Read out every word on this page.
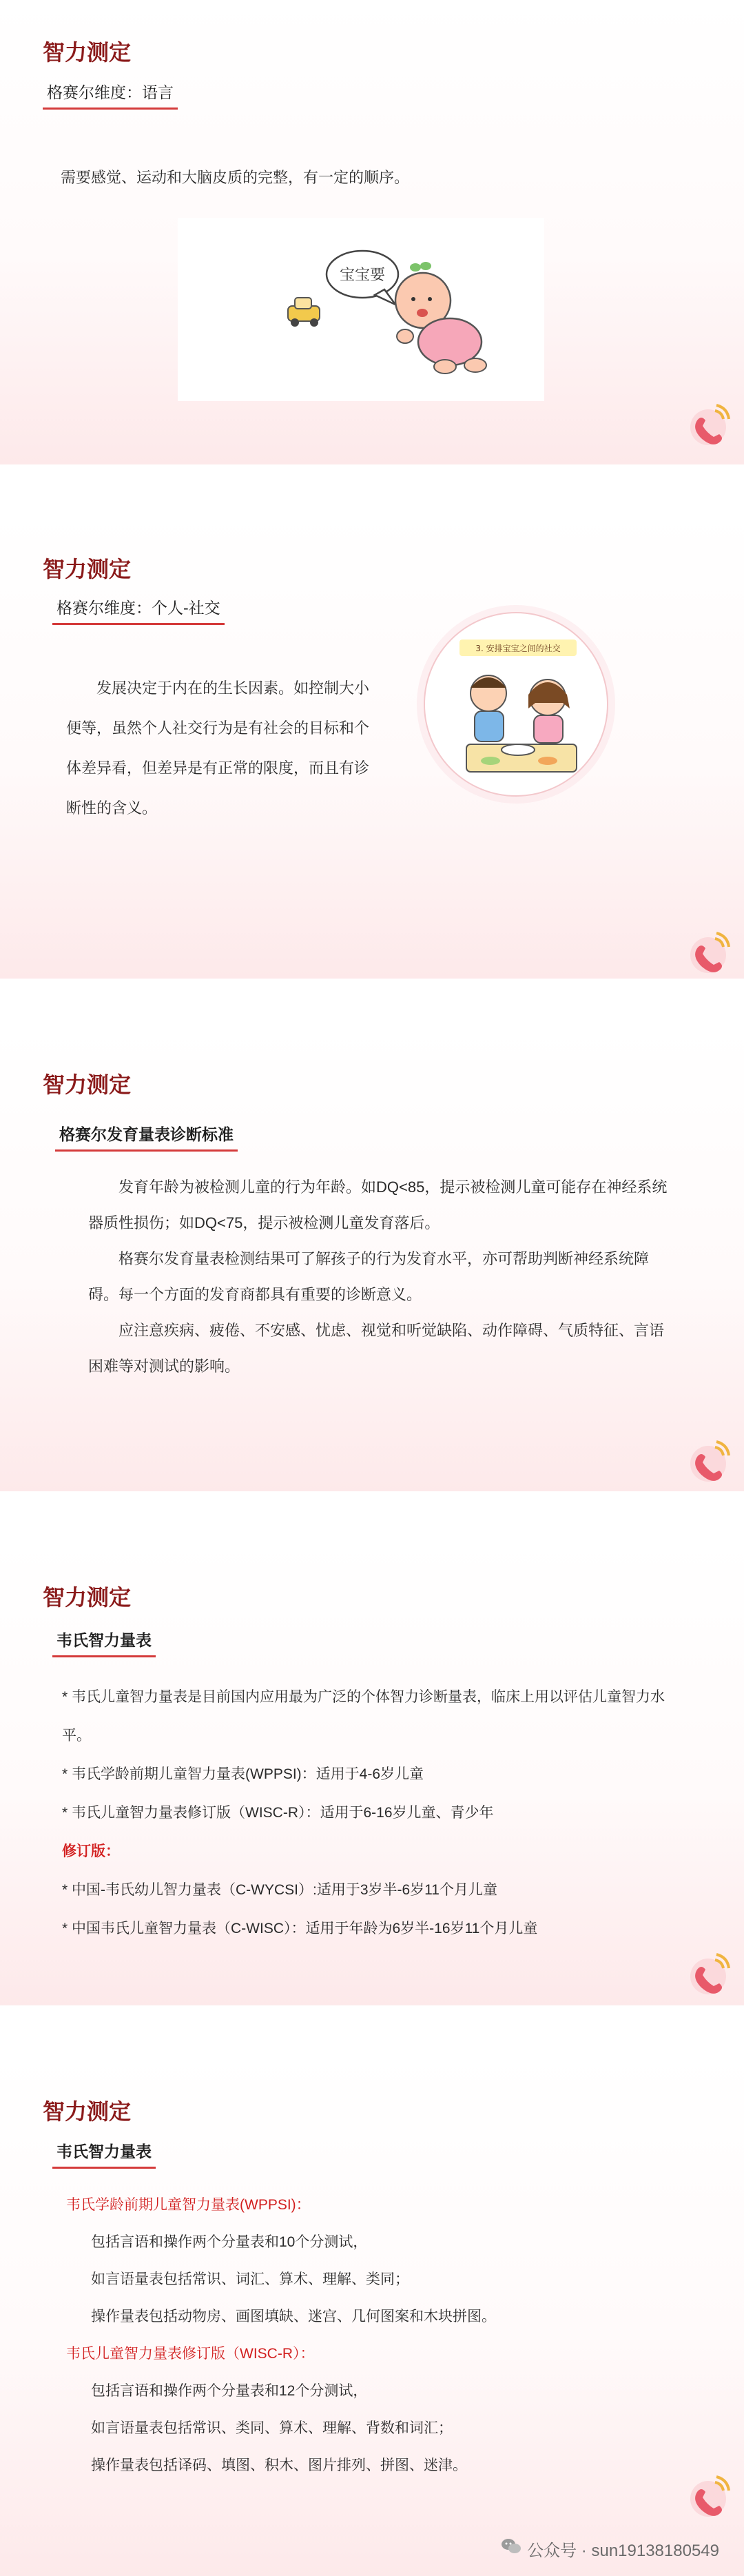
智力测定
格赛尔维度：语言

需要感觉、运动和大脑皮质的完整，有一定的顺序。

宝宝要
智力测定
格赛尔维度：个人-社交

发展决定于内在的生长因素。如控制大小便等，虽然个人社交行为是有社会的目标和个体差异看，但差异是有正常的限度，而且有诊断性的含义。

3. 安排宝宝之间的社交
智力测定
格赛尔发育量表诊断标准

发育年龄为被检测儿童的行为年龄。如DQ<85，提示被检测儿童可能存在神经系统器质性损伤；如DQ<75，提示被检测儿童发育落后。

格赛尔发育量表检测结果可了解孩子的行为发育水平，亦可帮助判断神经系统障碍。每一个方面的发育商都具有重要的诊断意义。

应注意疾病、疲倦、不安感、忧虑、视觉和听觉缺陷、动作障碍、气质特征、言语困难等对测试的影响。

智力测定
韦氏智力量表

* 韦氏儿童智力量表是目前国内应用最为广泛的个体智力诊断量表，临床上用以评估儿童智力水平。

* 韦氏学龄前期儿童智力量表(WPPSI)：适用于4-6岁儿童

* 韦氏儿童智力量表修订版（WISC-R）：适用于6-16岁儿童、青少年

修订版：

* 中国-韦氏幼儿智力量表（C-WYCSI）:适用于3岁半-6岁11个月儿童

* 中国韦氏儿童智力量表（C-WISC）：适用于年龄为6岁半-16岁11个月儿童

智力测定
韦氏智力量表

韦氏学龄前期儿童智力量表(WPPSI)：

包括言语和操作两个分量表和10个分测试，

如言语量表包括常识、词汇、算术、理解、类同；

操作量表包括动物房、画图填缺、迷宫、几何图案和木块拼图。

韦氏儿童智力量表修订版（WISC-R）：

包括言语和操作两个分量表和12个分测试，

如言语量表包括常识、类同、算术、理解、背数和词汇；

操作量表包括译码、填图、积木、图片排列、拼图、迷津。

公众号 · sun19138180549
